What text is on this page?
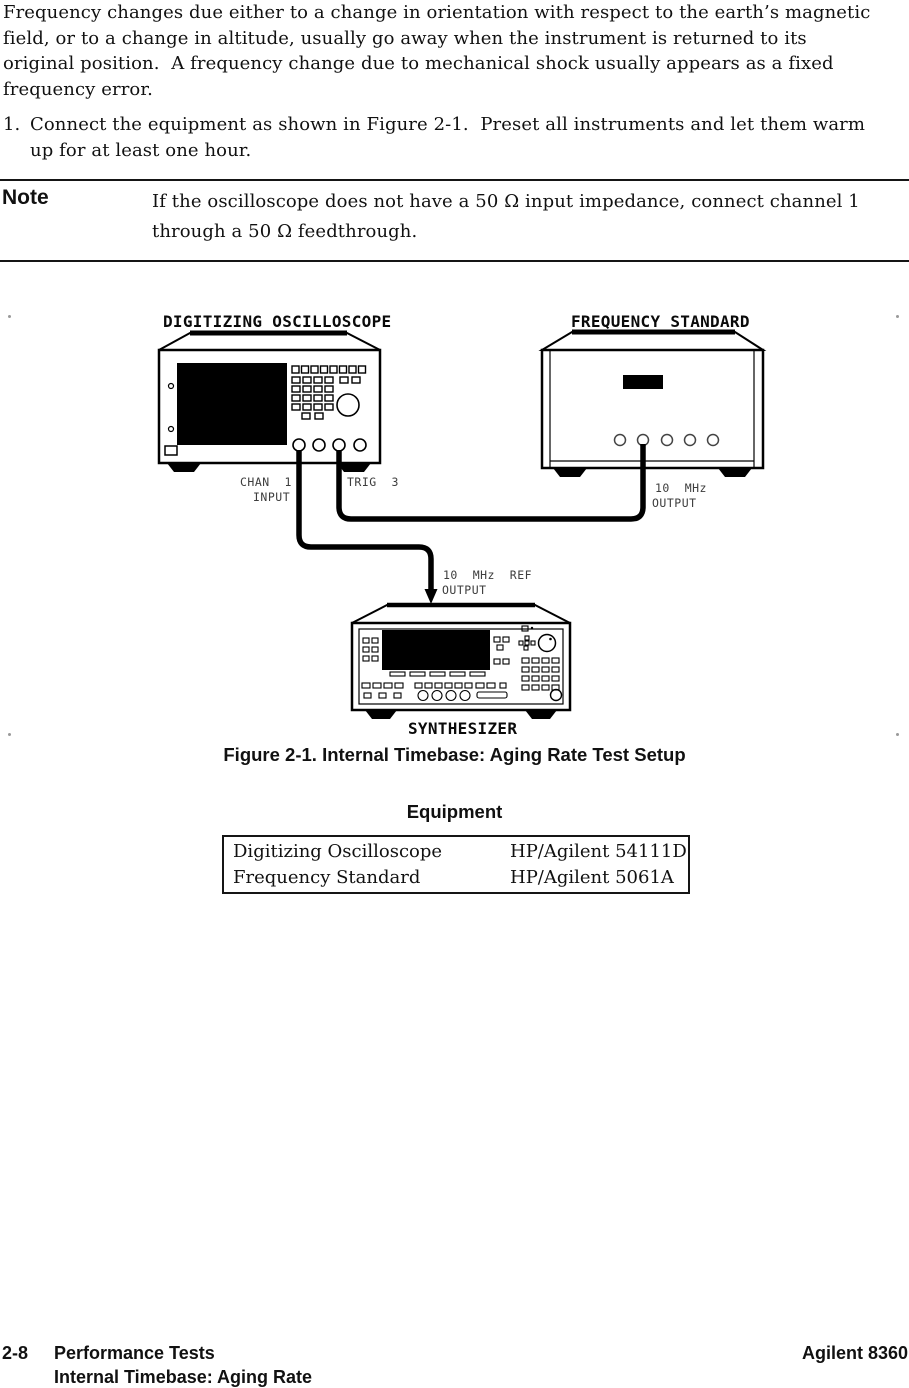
Frequency changes due either to a change in orientation with respect to the earth’s magnetic
field, or to a change in altitude, usually go away when the instrument is returned to its
original position.  A frequency change due to mechanical shock usually appears as a fixed
frequency error.
1. Connect the equipment as shown in Figure 2-1.  Preset all instruments and let them warm
up for at least one hour.
Note	If the oscilloscope does not have a 50 Ω input impedance, connect channel 1
through a 50 Ω feedthrough.
DIGITIZING OSCILLOSCOPE	FREQUENCY STANDARD
SYNTHESIZER
CHAN  1
INPUT
TRIG  3	10  MHz
OUTPUT
10  MHz  REF
OUTPUT
Figure 2-1. Internal Timebase: Aging Rate Test Setup
Equipment
Digitizing Oscilloscope	HP/Agilent 54111D
Frequency Standard	HP/Agilent 5061A
2-8 Performance Tests
Internal Timebase: Aging Rate
Agilent 8360
